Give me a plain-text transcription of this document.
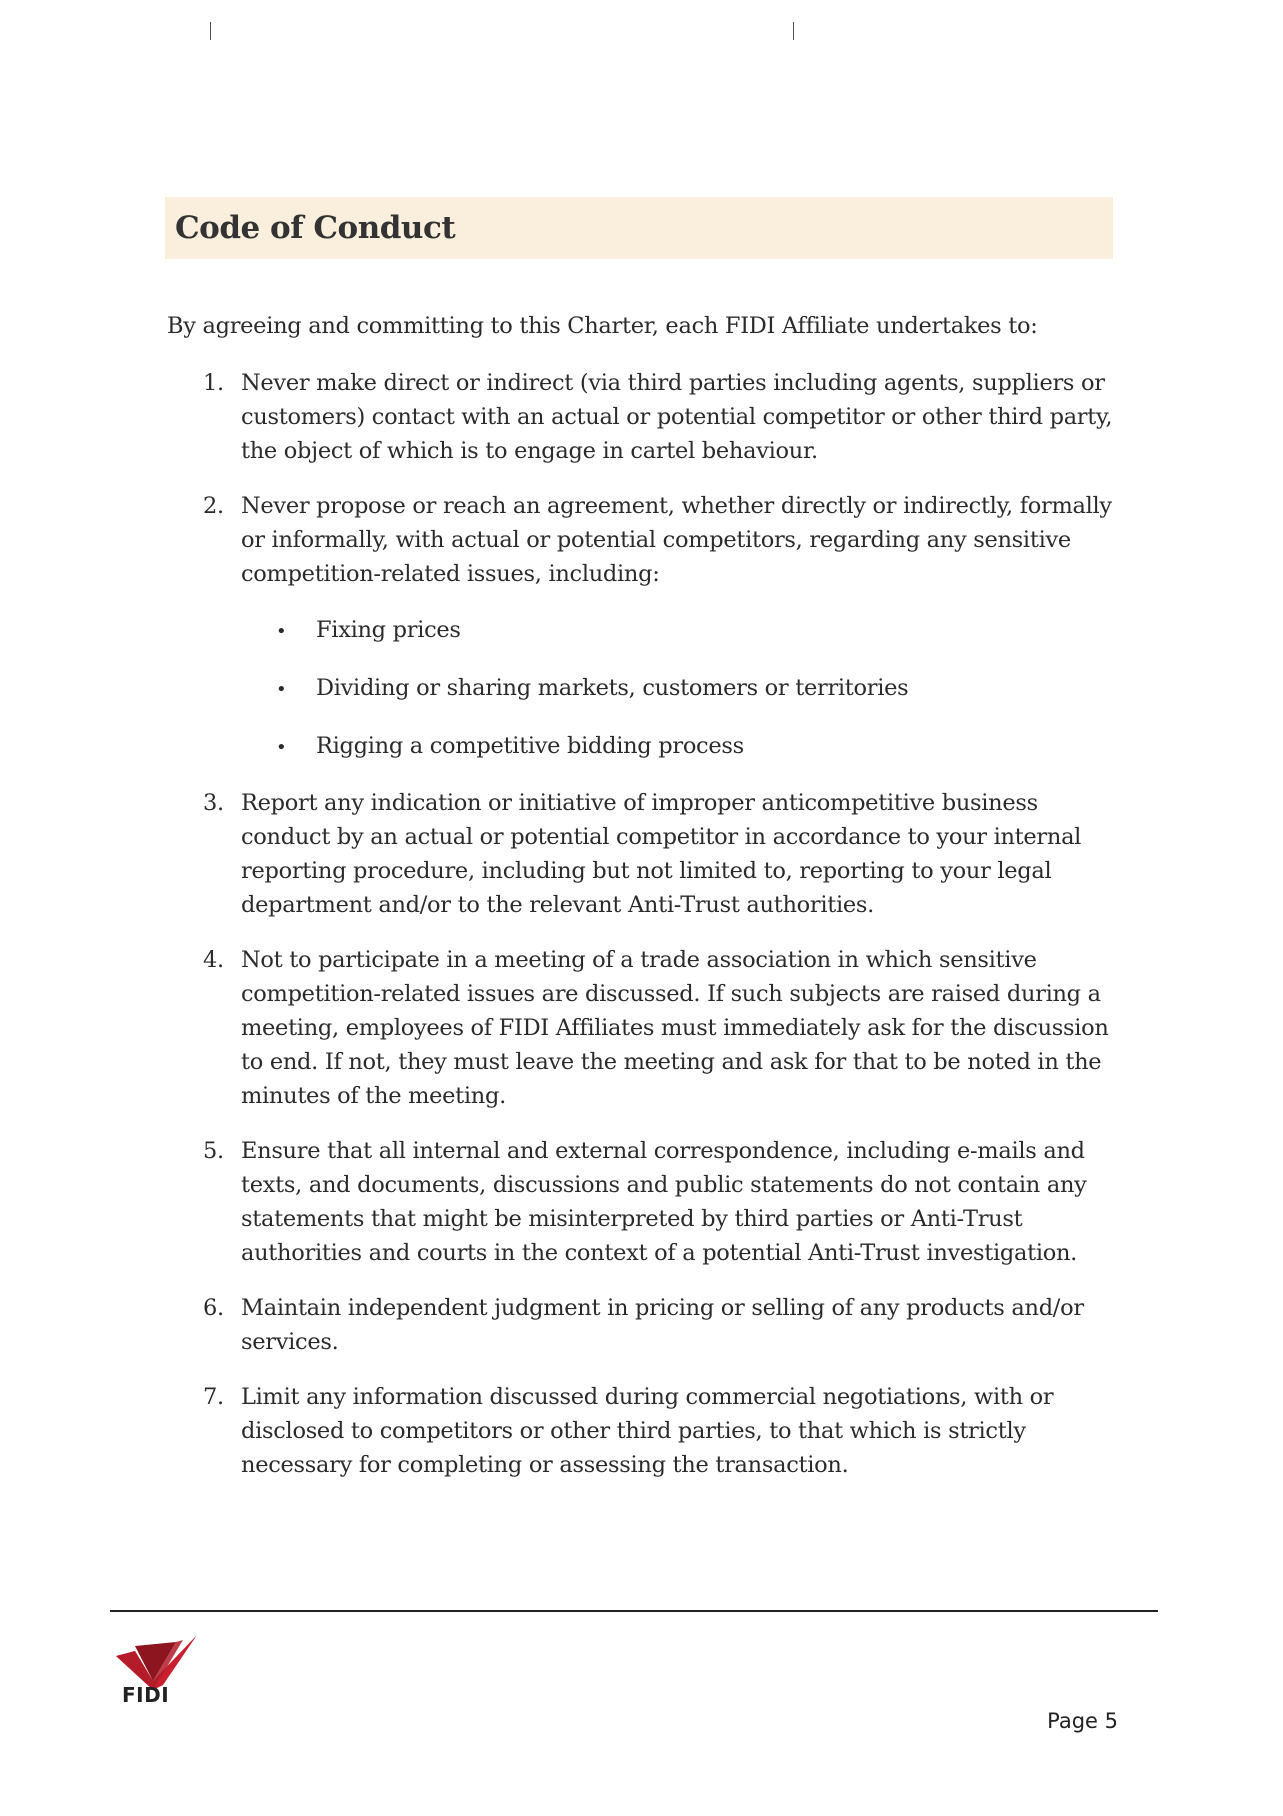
Code of Conduct
By agreeing and committing to this Charter, each FIDI Affiliate undertakes to:
1. Never make direct or indirect (via third parties including agents, suppliers or customers) contact with an actual or potential competitor or other third party, the object of which is to engage in cartel behaviour.
2. Never propose or reach an agreement, whether directly or indirectly, formally or informally, with actual or potential competitors, regarding any sensitive competition-related issues, including:
•	Fixing prices
•	Dividing or sharing markets, customers or territories
•	Rigging a competitive bidding process
3. Report any indication or initiative of improper anticompetitive business conduct by an actual or potential competitor in accordance to your internal reporting procedure, including but not limited to, reporting to your legal department and/or to the relevant Anti-Trust authorities.
4. Not to participate in a meeting of a trade association in which sensitive competition-related issues are discussed. If such subjects are raised during a meeting, employees of FIDI Affiliates must immediately ask for the discussion to end. If not, they must leave the meeting and ask for that to be noted in the minutes of the meeting.
5. Ensure that all internal and external correspondence, including e-mails and texts, and documents, discussions and public statements do not contain any statements that might be misinterpreted by third parties or Anti-Trust authorities and courts in the context of a potential Anti-Trust investigation.
6. Maintain independent judgment in pricing or selling of any products and/or services.
7. Limit any information discussed during commercial negotiations, with or disclosed to competitors or other third parties, to that which is strictly necessary for completing or assessing the transaction.
FIDI
Page 5
